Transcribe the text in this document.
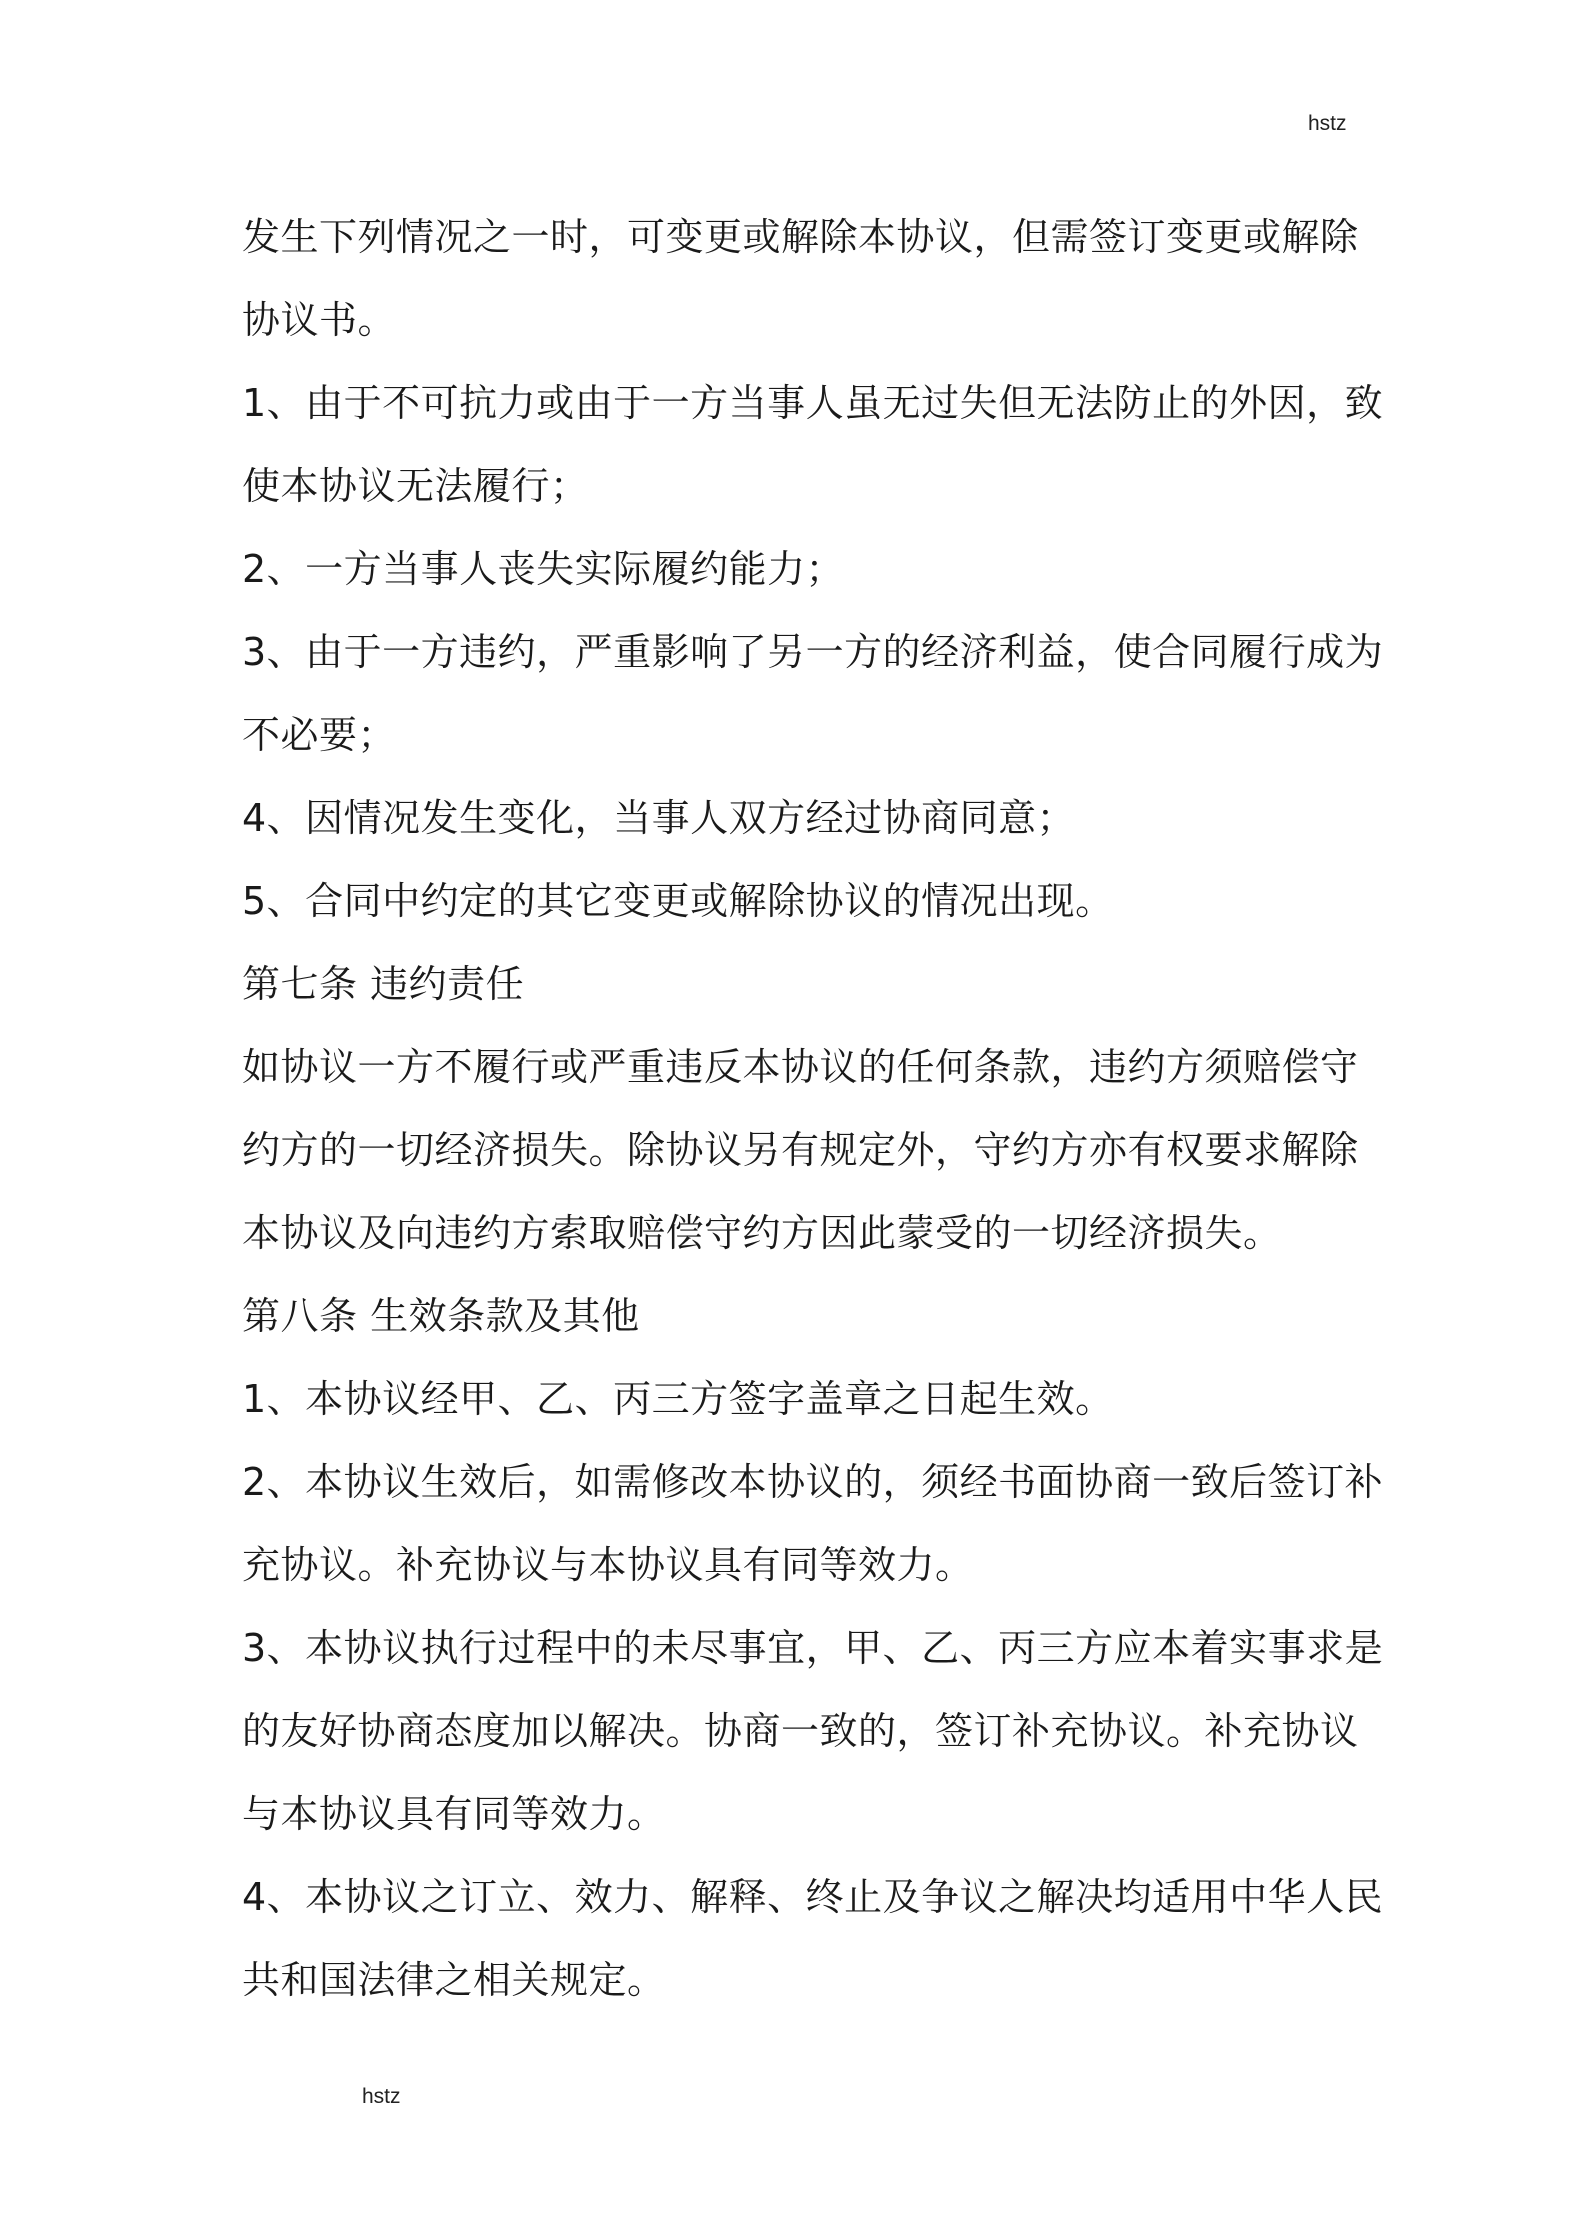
hstz
发生下列情况之一时，可变更或解除本协议，但需签订变更或解除
协议书。
1、由于不可抗力或由于一方当事人虽无过失但无法防止的外因，致
使本协议无法履行；
2、一方当事人丧失实际履约能力；
3、由于一方违约，严重影响了另一方的经济利益，使合同履行成为
不必要；
4、因情况发生变化，当事人双方经过协商同意；
5、合同中约定的其它变更或解除协议的情况出现。
第七条 违约责任
如协议一方不履行或严重违反本协议的任何条款，违约方须赔偿守
约方的一切经济损失。除协议另有规定外，守约方亦有权要求解除
本协议及向违约方索取赔偿守约方因此蒙受的一切经济损失。
第八条 生效条款及其他
1、本协议经甲、乙、丙三方签字盖章之日起生效。
2、本协议生效后，如需修改本协议的，须经书面协商一致后签订补
充协议。补充协议与本协议具有同等效力。
3、本协议执行过程中的未尽事宜，甲、乙、丙三方应本着实事求是
的友好协商态度加以解决。协商一致的，签订补充协议。补充协议
与本协议具有同等效力。
4、本协议之订立、效力、解释、终止及争议之解决均适用中华人民
共和国法律之相关规定。
hstz
